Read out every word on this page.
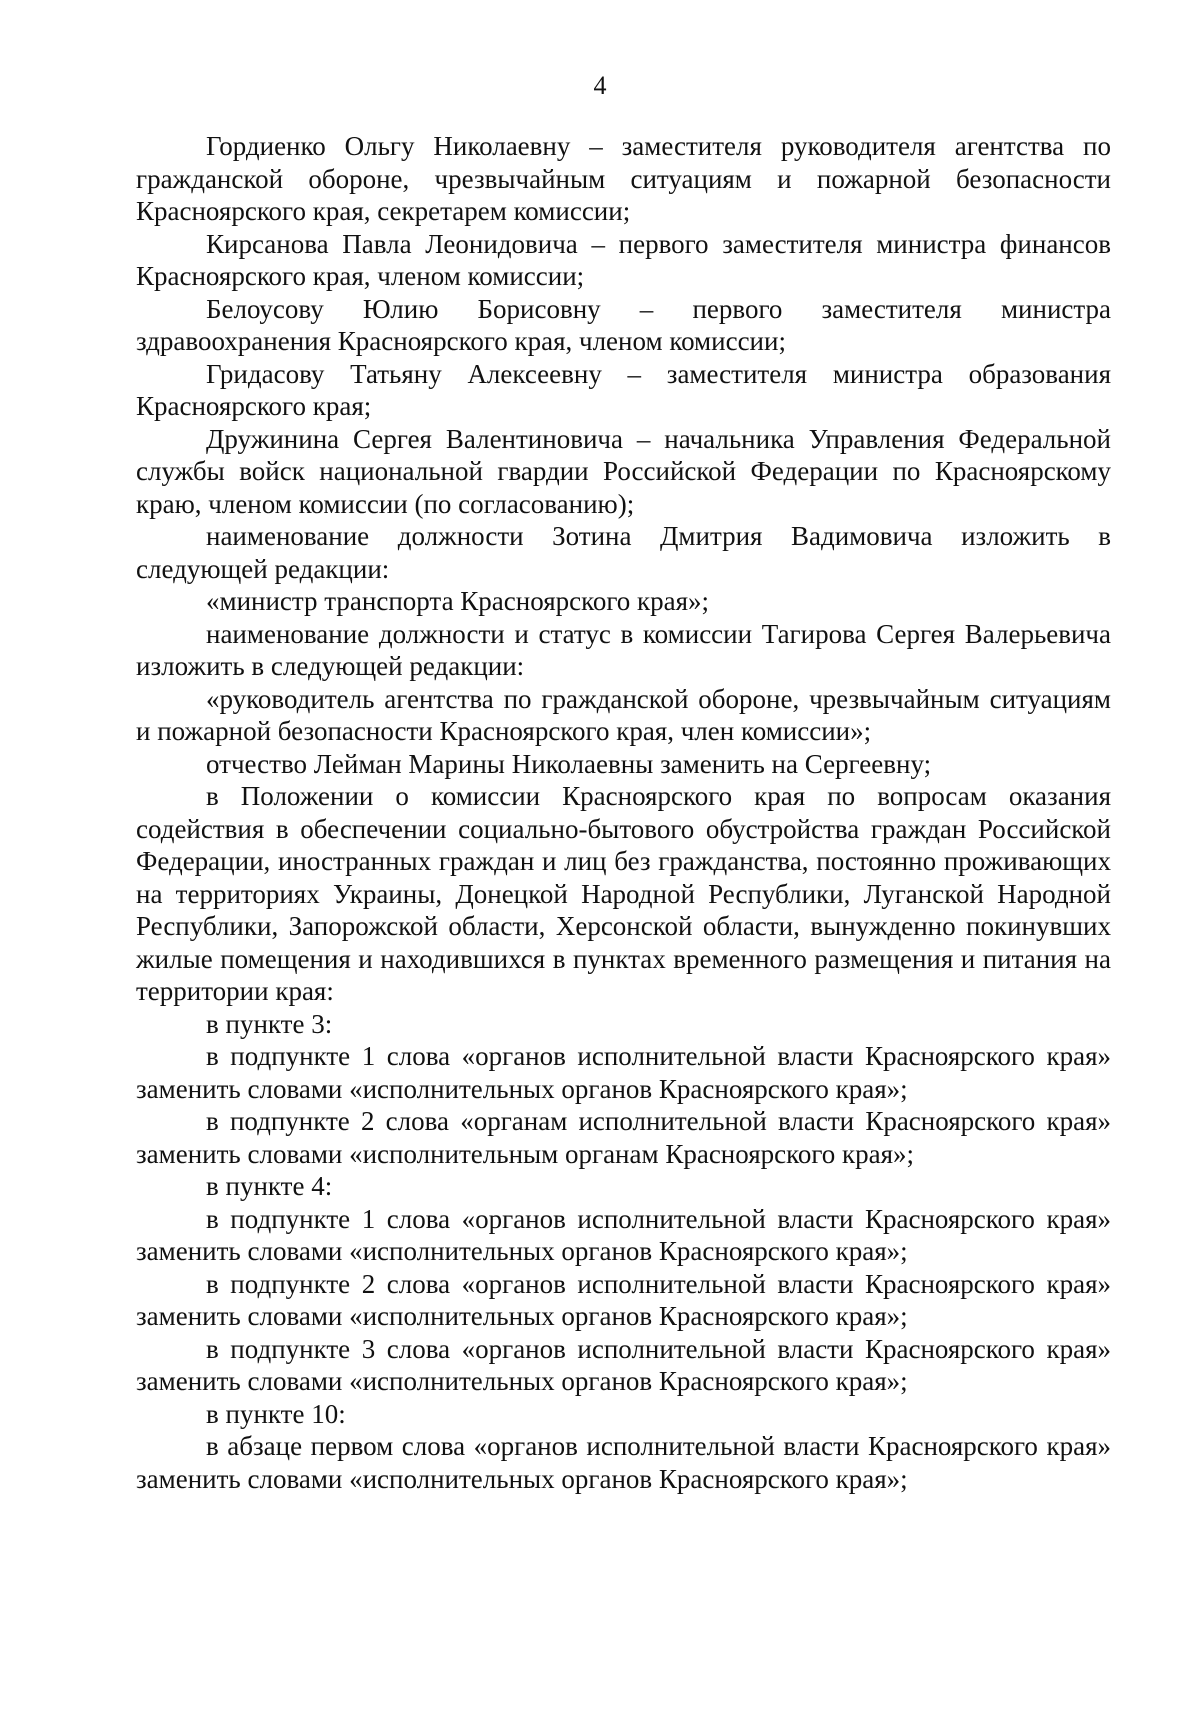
4

Гордиенко Ольгу Николаевну – заместителя руководителя агентства по гражданской обороне, чрезвычайным ситуациям и пожарной безопасности Красноярского края, секретарем комиссии;

Кирсанова Павла Леонидовича – первого заместителя министра финансов Красноярского края, членом комиссии;

Белоусову Юлию Борисовну – первого заместителя министра здравоохранения Красноярского края, членом комиссии;

Гридасову Татьяну Алексеевну – заместителя министра образования Красноярского края;

Дружинина Сергея Валентиновича – начальника Управления Федеральной службы войск национальной гвардии Российской Федерации по Красноярскому краю, членом комиссии (по согласованию);

наименование должности Зотина Дмитрия Вадимовича изложить в следующей редакции:

«министр транспорта Красноярского края»;

наименование должности и статус в комиссии Тагирова Сергея Валерьевича изложить в следующей редакции:

«руководитель агентства по гражданской обороне, чрезвычайным ситуациям и пожарной безопасности Красноярского края, член комиссии»;

отчество Лейман Марины Николаевны заменить на Сергеевну;

в Положении о комиссии Красноярского края по вопросам оказания содействия в обеспечении социально-бытового обустройства граждан Российской Федерации, иностранных граждан и лиц без гражданства, постоянно проживающих на территориях Украины, Донецкой Народной Республики, Луганской Народной Республики, Запорожской области, Херсонской области, вынужденно покинувших жилые помещения и находившихся в пунктах временного размещения и питания на территории края:

в пункте 3:

в подпункте 1 слова «органов исполнительной власти Красноярского края» заменить словами «исполнительных органов Красноярского края»;

в подпункте 2 слова «органам исполнительной власти Красноярского края» заменить словами «исполнительным органам Красноярского края»;

в пункте 4:

в подпункте 1 слова «органов исполнительной власти Красноярского края» заменить словами «исполнительных органов Красноярского края»;

в подпункте 2 слова «органов исполнительной власти Красноярского края» заменить словами «исполнительных органов Красноярского края»;

в подпункте 3 слова «органов исполнительной власти Красноярского края» заменить словами «исполнительных органов Красноярского края»;

в пункте 10:

в абзаце первом слова «органов исполнительной власти Красноярского края» заменить словами «исполнительных органов Красноярского края»;
